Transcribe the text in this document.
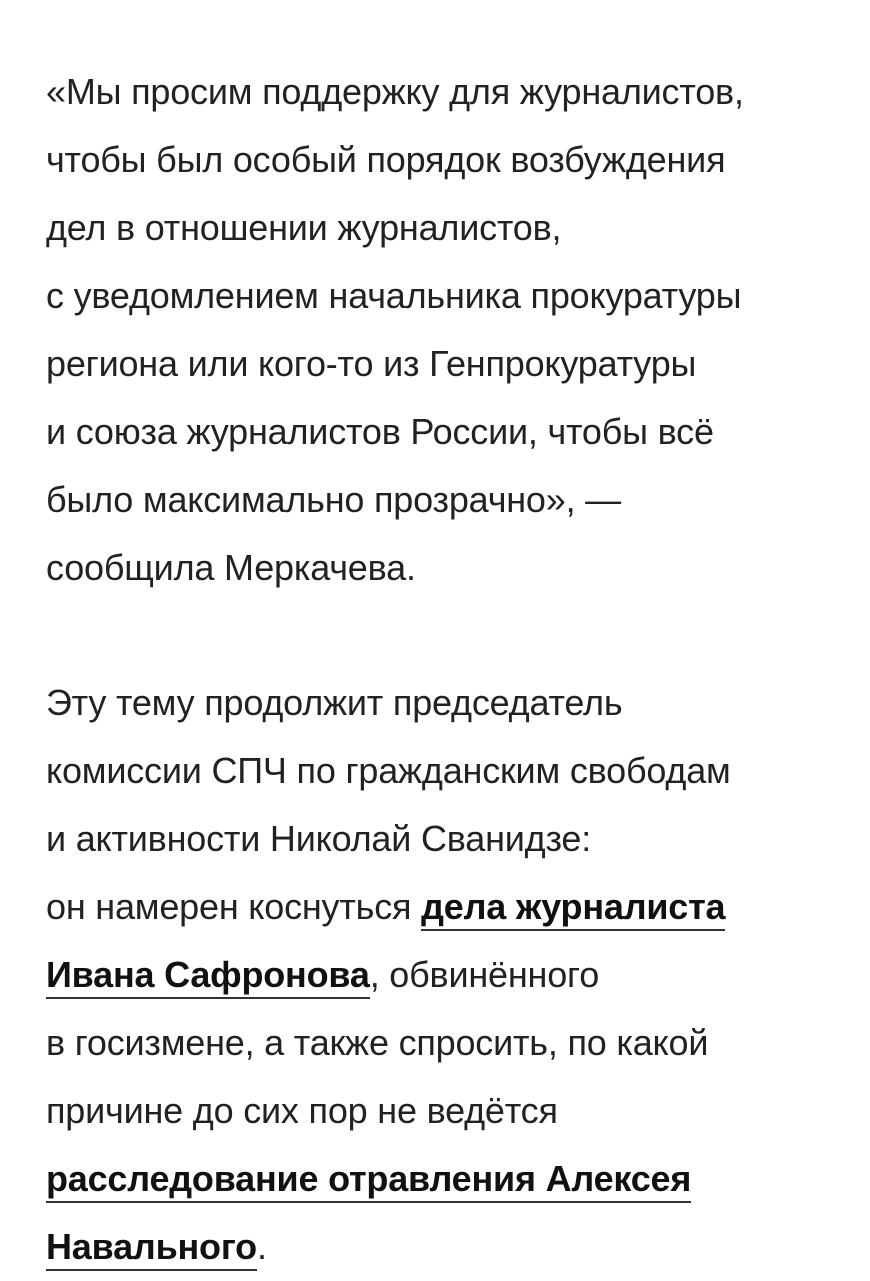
«Мы просим поддержку для журналистов,
чтобы был особый порядок возбуждения
дел в отношении журналистов,
с уведомлением начальника прокуратуры
региона или кого-то из Генпрокуратуры
и союза журналистов России, чтобы всё
было максимально прозрачно», —
сообщила Меркачева.
Эту тему продолжит председатель
комиссии СПЧ по гражданским свободам
и активности Николай Сванидзе:
он намерен коснуться дела журналиста
Ивана Сафронова, обвинённого
в госизмене, а также спросить, по какой
причине до сих пор не ведётся
расследование отравления Алексея
Навального.
